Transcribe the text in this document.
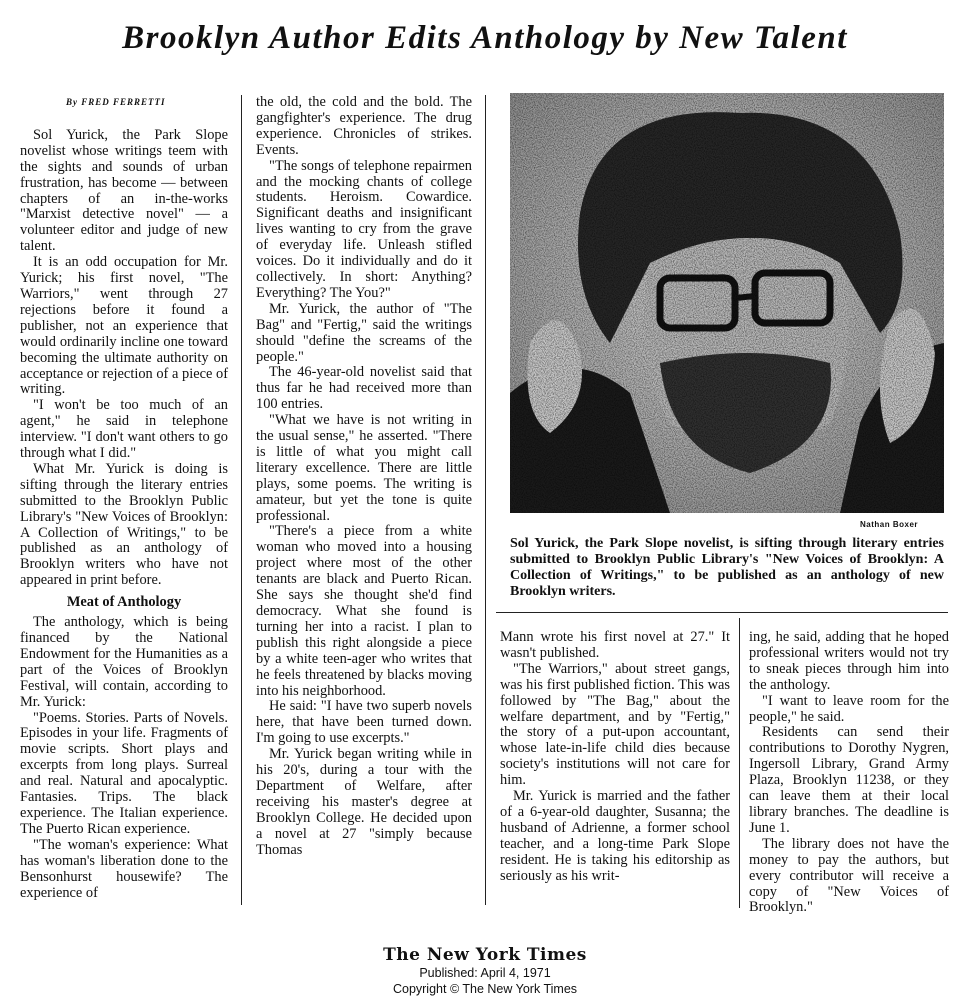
Brooklyn Author Edits Anthology by New Talent

By FRED FERRETTI

Sol Yurick, the Park Slope novelist whose writings teem with the sights and sounds of urban frustration, has become — between chapters of an in-the-works "Marxist detective novel" — a volunteer editor and judge of new talent.

It is an odd occupation for Mr. Yurick; his first novel, "The Warriors," went through 27 rejections before it found a publisher, not an experience that would ordinarily incline one toward becoming the ultimate authority on acceptance or rejection of a piece of writing.

"I won't be too much of an agent," he said in telephone interview. "I don't want others to go through what I did."

What Mr. Yurick is doing is sifting through the literary entries submitted to the Brooklyn Public Library's "New Voices of Brooklyn: A Collection of Writings," to be published as an anthology of Brooklyn writers who have not appeared in print before.

Meat of Anthology

The anthology, which is being financed by the National Endowment for the Humanities as a part of the Voices of Brooklyn Festival, will contain, according to Mr. Yurick:

"Poems. Stories. Parts of Novels. Episodes in your life. Fragments of movie scripts. Short plays and excerpts from long plays. Surreal and real. Natural and apocalyptic. Fantasies. Trips. The black experience. The Italian experience. The Puerto Rican experience.

"The woman's experience: What has woman's liberation done to the Bensonhurst housewife? The experience of

the old, the cold and the bold. The gangfighter's experience. The drug experience. Chronicles of strikes. Events.

"The songs of telephone repairmen and the mocking chants of college students. Heroism. Cowardice. Significant deaths and insignificant lives wanting to cry from the grave of everyday life. Unleash stifled voices. Do it individually and do it collectively. In short: Anything? Everything? The You?"

Mr. Yurick, the author of "The Bag" and "Fertig," said the writings should "define the screams of the people."

The 46-year-old novelist said that thus far he had received more than 100 entries.

"What we have is not writing in the usual sense," he asserted. "There is little of what you might call literary excellence. There are little plays, some poems. The writing is amateur, but yet the tone is quite professional.

"There's a piece from a white woman who moved into a housing project where most of the other tenants are black and Puerto Rican. She says she thought she'd find democracy. What she found is turning her into a racist. I plan to publish this right alongside a piece by a white teen-ager who writes that he feels threatened by blacks moving into his neighborhood.

He said: "I have two superb novels here, that have been turned down. I'm going to use excerpts."

Mr. Yurick began writing while in his 20's, during a tour with the Department of Welfare, after receiving his master's degree at Brooklyn College. He decided upon a novel at 27 "simply because Thomas

Nathan Boxer
Sol Yurick, the Park Slope novelist, is sifting through literary entries submitted to Brooklyn Public Library's "New Voices of Brooklyn: A Collection of Writings," to be published as an anthology of new Brooklyn writers.

Mann wrote his first novel at 27." It wasn't published.

"The Warriors," about street gangs, was his first published fiction. This was followed by "The Bag," about the welfare department, and by "Fertig," the story of a put-upon accountant, whose late-in-life child dies because society's institutions will not care for him.

Mr. Yurick is married and the father of a 6-year-old daughter, Susanna; the husband of Adrienne, a former school teacher, and a long-time Park Slope resident. He is taking his editorship as seriously as his writ-

ing, he said, adding that he hoped professional writers would not try to sneak pieces through him into the anthology.

"I want to leave room for the people," he said.

Residents can send their contributions to Dorothy Nygren, Ingersoll Library, Grand Army Plaza, Brooklyn 11238, or they can leave them at their local library branches. The deadline is June 1.

The library does not have the money to pay the authors, but every contributor will receive a copy of "New Voices of Brooklyn."

The New York Times
Published: April 4, 1971
Copyright © The New York Times
